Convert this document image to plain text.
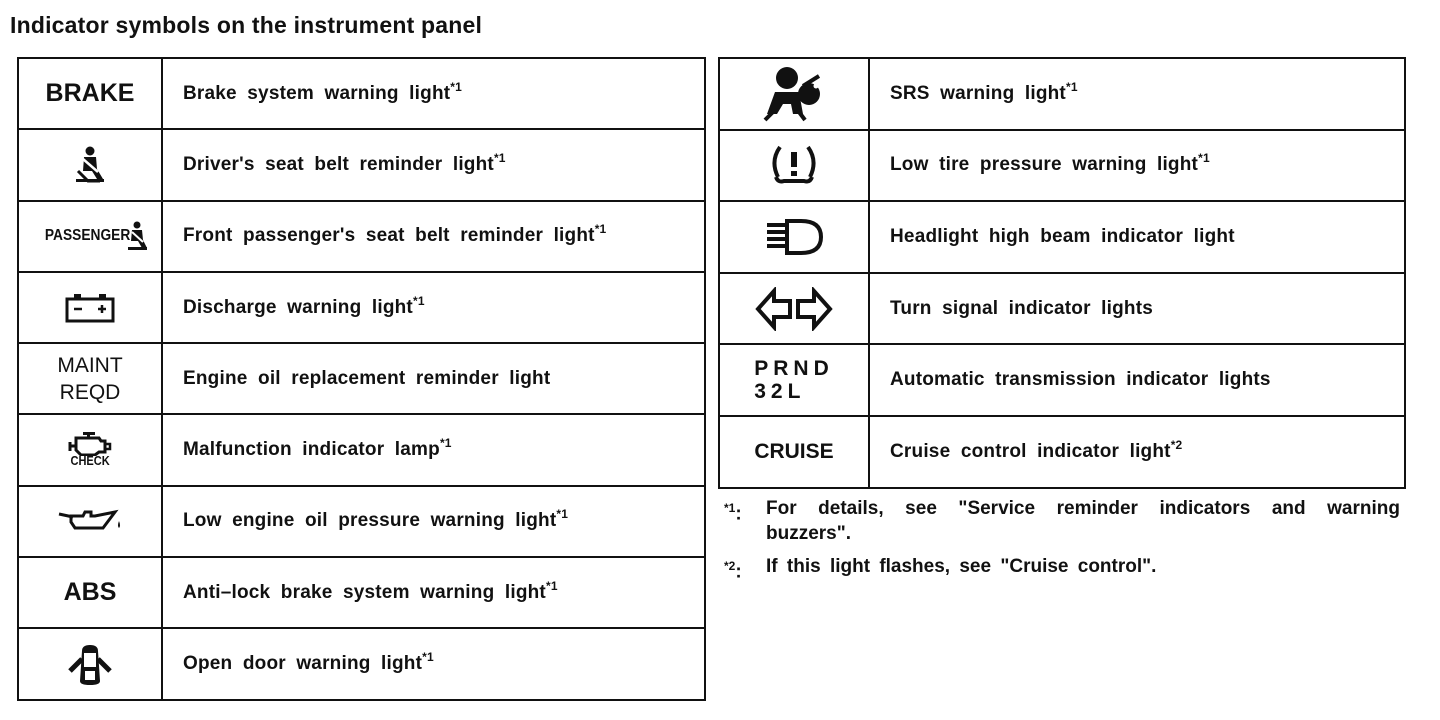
Indicator symbols on the instrument panel
BRAKE	Brake system warning light$^{*1}$
	Driver's seat belt reminder light$^{*1}$

PASSENGER	Front passenger's seat belt reminder light$^{*1}$
	Discharge warning light$^{*1}$

MAINT
REQD	Engine oil replacement reminder light

CHECK	Malfunction indicator lamp$^{*1}$
	Low engine oil pressure warning light$^{*1}$
ABS	Anti–lock brake system warning light$^{*1}$
	Open door warning light$^{*1}$
	SRS warning light$^{*1}$
	Low tire pressure warning light$^{*1}$
	Headlight high beam indicator light
	Turn signal indicator lights

PRND
32L	Automatic transmission indicator lights
CRUISE	Cruise control indicator light$^{*2}$
$^{*1}$:	For details, see "Service reminder indicators and warning buzzers".
$^{*2}$:	If this light flashes, see "Cruise control".
